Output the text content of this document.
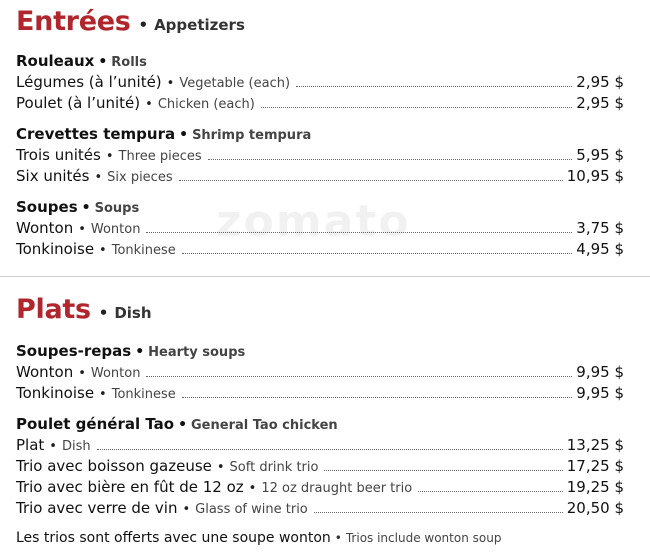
Entrées • Appetizers
Rouleaux • Rolls
Légumes (à l’unité) • Vegetable (each)	2,95 $
Poulet (à l’unité) • Chicken (each)	2,95 $
Crevettes tempura • Shrimp tempura
Trois unités • Three pieces	5,95 $
Six unités • Six pieces	10,95 $
Soupes • Soups
Wonton • Wonton	3,75 $
Tonkinoise • Tonkinese	4,95 $
zomato
Plats • Dish
Soupes-repas • Hearty soups
Wonton • Wonton	9,95 $
Tonkinoise • Tonkinese	9,95 $
Poulet général Tao • General Tao chicken
Plat • Dish	13,25 $
Trio avec boisson gazeuse • Soft drink trio	17,25 $
Trio avec bière en fût de 12 oz • 12 oz draught beer trio	19,25 $
Trio avec verre de vin • Glass of wine trio	20,50 $
Les trios sont offerts avec une soupe wonton • Trios include wonton soup
